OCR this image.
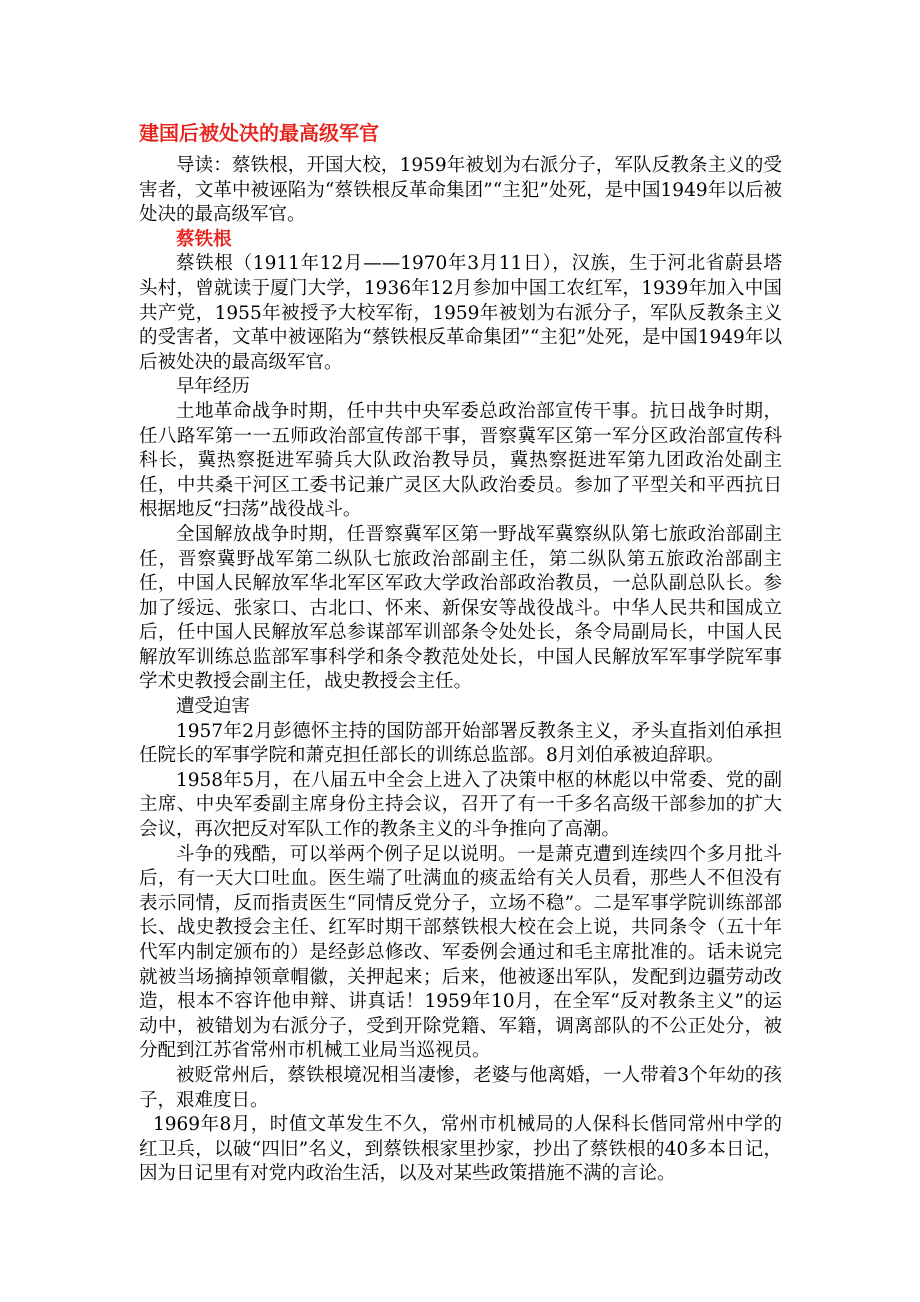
建国后被处决的最高级军官

导读：蔡铁根，开国大校，1959年被划为右派分子，军队反教条主义的受害者，文革中被诬陷为“蔡铁根反革命集团”“主犯”处死，是中国1949年以后被处决的最高级军官。

蔡铁根

蔡铁根（1911年12月——1970年3月11日），汉族，生于河北省蔚县塔头村，曾就读于厦门大学，1936年12月参加中国工农红军，1939年加入中国共产党，1955年被授予大校军衔，1959年被划为右派分子，军队反教条主义的受害者，文革中被诬陷为“蔡铁根反革命集团”“主犯”处死，是中国1949年以后被处决的最高级军官。

早年经历

土地革命战争时期，任中共中央军委总政治部宣传干事。抗日战争时期，任八路军第一一五师政治部宣传部干事，晋察冀军区第一军分区政治部宣传科科长，冀热察挺进军骑兵大队政治教导员，冀热察挺进军第九团政治处副主任，中共桑干河区工委书记兼广灵区大队政治委员。参加了平型关和平西抗日根据地反“扫荡”战役战斗。

全国解放战争时期，任晋察冀军区第一野战军冀察纵队第七旅政治部副主任，晋察冀野战军第二纵队七旅政治部副主任，第二纵队第五旅政治部副主任，中国人民解放军华北军区军政大学政治部政治教员，一总队副总队长。参加了绥远、张家口、古北口、怀来、新保安等战役战斗。中华人民共和国成立后，任中国人民解放军总参谋部军训部条令处处长，条令局副局长，中国人民解放军训练总监部军事科学和条令教范处处长，中国人民解放军军事学院军事学术史教授会副主任，战史教授会主任。

遭受迫害

1957年2月彭德怀主持的国防部开始部署反教条主义，矛头直指刘伯承担任院长的军事学院和萧克担任部长的训练总监部。8月刘伯承被迫辞职。

1958年5月，在八届五中全会上进入了决策中枢的林彪以中常委、党的副主席、中央军委副主席身份主持会议，召开了有一千多名高级干部参加的扩大会议，再次把反对军队工作的教条主义的斗争推向了高潮。

斗争的残酷，可以举两个例子足以说明。一是萧克遭到连续四个多月批斗后，有一天大口吐血。医生端了吐满血的痰盂给有关人员看，那些人不但没有表示同情，反而指责医生“同情反党分子，立场不稳”。二是军事学院训练部部长、战史教授会主任、红军时期干部蔡铁根大校在会上说，共同条令（五十年代军内制定颁布的）是经彭总修改、军委例会通过和毛主席批准的。话未说完就被当场摘掉领章帽徽，关押起来；后来，他被逐出军队，发配到边疆劳动改造，根本不容许他申辩、讲真话！1959年10月，在全军“反对教条主义”的运动中，被错划为右派分子，受到开除党籍、军籍，调离部队的不公正处分，被分配到江苏省常州市机械工业局当巡视员。

被贬常州后，蔡铁根境况相当凄惨，老婆与他离婚，一人带着3个年幼的孩子，艰难度日。

1969年8月，时值文革发生不久，常州市机械局的人保科长偕同常州中学的红卫兵，以破“四旧”名义，到蔡铁根家里抄家，抄出了蔡铁根的40多本日记，因为日记里有对党内政治生活，以及对某些政策措施不满的言论。
